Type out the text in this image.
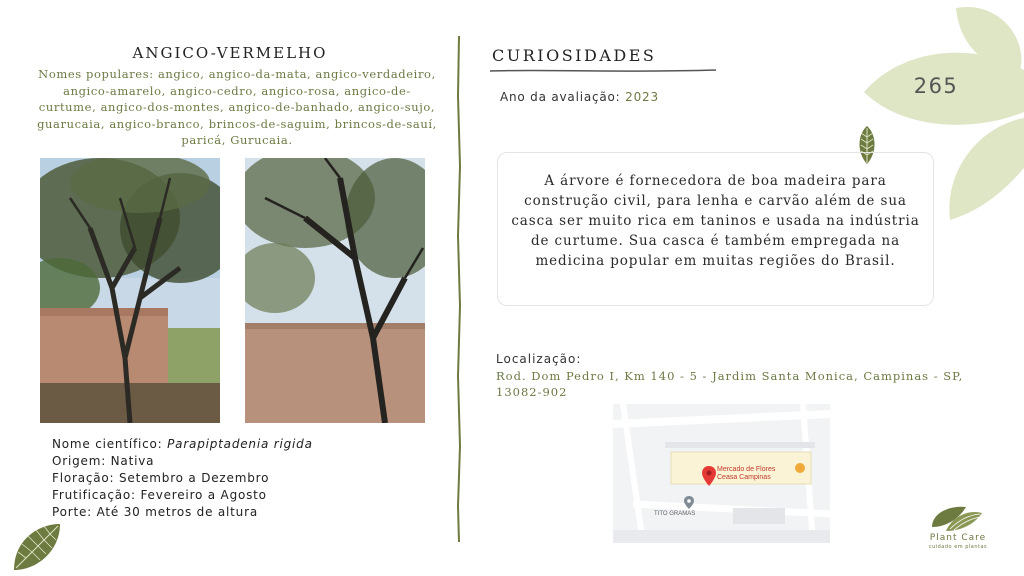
265
ANGICO-VERMELHO
Nomes populares: angico, angico-da-mata, angico-verdadeiro, angico-amarelo, angico-cedro, angico-rosa, angico-de-curtume, angico-dos-montes, angico-de-banhado, angico-sujo, guarucaia, angico-branco, brincos-de-saguim, brincos-de-sauí, paricá, Gurucaia.
Nome científico: Parapiptadenia rigida
Origem: Nativa
Floração: Setembro a Dezembro
Frutificação: Fevereiro a Agosto
Porte: Até 30 metros de altura
CURIOSIDADES
Ano da avaliação: 2023
A árvore é fornecedora de boa madeira para construção civil, para lenha e carvão além de sua casca ser muito rica em taninos e usada na indústria de curtume. Sua casca é também empregada na medicina popular em muitas regiões do Brasil.
Localização:
Rod. Dom Pedro I, Km 140 - 5 - Jardim Santa Monica, Campinas - SP, 13082-902
Mercado de Flores
Ceasa Campinas
TITO GRAMAS
Plant Care
cuidado em plantas
